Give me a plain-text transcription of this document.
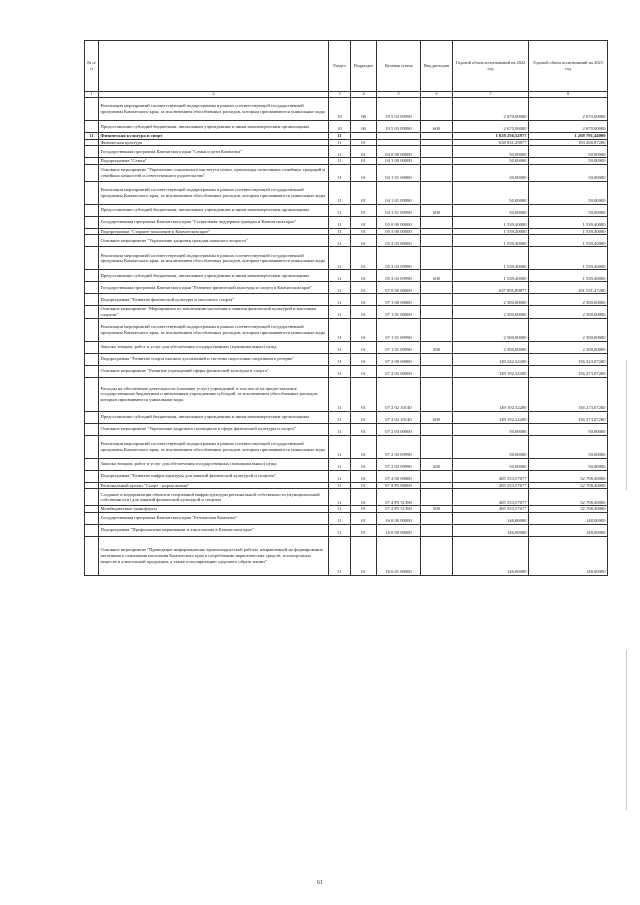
№ п/п		Раздел	Подраздел	Целевая статья	Вид расходов	Годовой объем ассигнований на 2022 год	Годовой объем ассигнований на 2023 год
1	2	3	4	5	6	7	8
	Реализация мероприятий соответствующей подпрограммы в рамках соответствующей государственной программы Камчатского края, за исключением обособленных расходов, которым присваиваются уникальные коды	10	06	19 5 03 09990		2 670,00000	2 670,00000
	Предоставление субсидий бюджетным, автономным учреждениям и иным некоммерческим организациям	10	06	19 5 03 09990	600	2 670,00000	2 670,00000
11	Физическая культура и спорт	11				1 828 256,52977	1 268 791,44000
	Физическая культура	11	01			638 831,29877	193 268,87200
	Государственная программа Камчатского края "Семья и дети Камчатки"	11	01	04 0 00 00000		50,00000	50,00000
	Подпрограмма "Семья"	11	01	04 1 00 00000		50,00000	50,00000
	Основное мероприятие "Укрепление социального института семьи, пропаганда позитивных семейных традиций и семейных ценностей и ответственного родительства"	11	01	04 1 01 00000		50,00000	50,00000
	Реализация мероприятий соответствующей подпрограммы в рамках соответствующей государственной программы Камчатского края, за исключением обособленных расходов, которым присваиваются уникальные коды	11	01	04 1 01 09990		50,00000	50,00000
	Предоставление субсидий бюджетным, автономным учреждениям и иным некоммерческим организациям	11	01	04 1 01 09990	600	50,00000	50,00000
	Государственная программа Камчатского края "Социальная поддержка граждан в Камчатском крае"	11	01	05 0 00 00000		1 539,40000	1 539,40000
	Подпрограмма "Старшее поколение в Камчатском крае"	11	01	05 3 00 00000		1 539,40000	1 539,40000
	Основное мероприятие "Укрепление здоровья граждан пожилого возраста"	11	01	05 3 03 00000		1 539,40000	1 539,40000
	Реализация мероприятий соответствующей подпрограммы в рамках соответствующей государственной программы Камчатского края, за исключением обособленных расходов, которым присваиваются уникальные коды	11	01	05 3 03 09990		1 539,40000	1 539,40000
	Предоставление субсидий бюджетным, автономным учреждениям и иным некоммерческим организациям	11	01	05 3 03 09990	600	1 539,40000	1 539,40000
	Государственная программа Камчатского края "Развитие физической культуры и спорта в Камчатском крае"	11	01	07 0 00 00000		637 095,89877	191 531,47200
	Подпрограмма "Развитие физической культуры и массового спорта"	11	01	07 1 00 00000		2 500,00000	2 500,00000
	Основное мероприятие "Мероприятия по вовлечению населения в занятия физической культурой и массовым спортом"	11	01	07 1 01 00000		2 500,00000	2 500,00000
	Реализация мероприятий соответствующей подпрограммы в рамках соответствующей государственной программы Камчатского края, за исключением обособленных расходов, которым присваиваются уникальные коды	11	01	07 1 01 09990		2 500,00000	2 500,00000
	Закупка товаров, работ и услуг для обеспечения государственных (муниципальных) нужд	11	01	07 1 01 09990	200	2 500,00000	2 500,00000
	Подпрограмма "Развитие спорта высших достижений и системы подготовки спортивного резерва"	11	01	07 2 00 00000		149 242,32200	156 323,07200
	Основное мероприятие "Развитие учреждений сферы физической культуры и спорта"	11	01	07 2 02 00000		149 192,32200	156 273,07200
	Расходы на обеспечение деятельности (оказание услуг) учреждений, в том числе на предоставление государственным бюджетным и автономным учреждениям субсидий, за исключением обособленных расходов, которым присваиваются уникальные коды	11	01	07 2 02 10140		149 192,32200	156 273,07200
	Предоставление субсидий бюджетным, автономным учреждениям и иным некоммерческим организациям	11	01	07 2 02 10140	600	149 192,32200	156 273,07200
	Основное мероприятие "Укрепление кадрового потенциала в сфере физической культуры и спорта"	11	01	07 2 03 00000		50,00000	50,00000
	Реализация мероприятий соответствующей подпрограммы в рамках соответствующей государственной программы Камчатского края, за исключением обособленных расходов, которым присваиваются уникальные коды	11	01	07 2 03 09990		50,00000	50,00000
	Закупка товаров, работ и услуг для обеспечения государственных (муниципальных) нужд	11	01	07 2 03 09990	200	50,00000	50,00000
	Подпрограмма "Развитие инфраструктуры для занятий физической культурой и спортом"	11	01	07 4 00 00000		485 353,57677	32 708,40000
	Региональный проект "Спорт - норма жизни"	11	01	07 4 P5 00000		485 353,57677	32 708,40000
	Создание и модернизация объектов спортивной инфраструктуры региональной собственности (муниципальной собственности) для занятий физической культурой и спортом	11	01	07 4 P5 51390		485 353,57677	32 708,40000
	Межбюджетные трансферты	11	01	07 4 P5 51390	500	485 353,57677	32 708,40000
	Государственная программа Камчатского края "Безопасная Камчатка"	11	01	16 0 00 00000		146,00000	148,00000
	Подпрограмма "Профилактика наркомании и алкоголизма в Камчатском крае"	11	01	16 6 00 00000		146,00000	148,00000
	Основное мероприятие "Проведение информационно-пропагандистской работы, направленной на формирование негативного отношения населения Камчатского края к потреблению наркотических средств, психотропных веществ и алкогольной продукции, а также популяризацию здорового образа жизни"	11	01	16 6 01 00000		146,00000	148,00000
61
